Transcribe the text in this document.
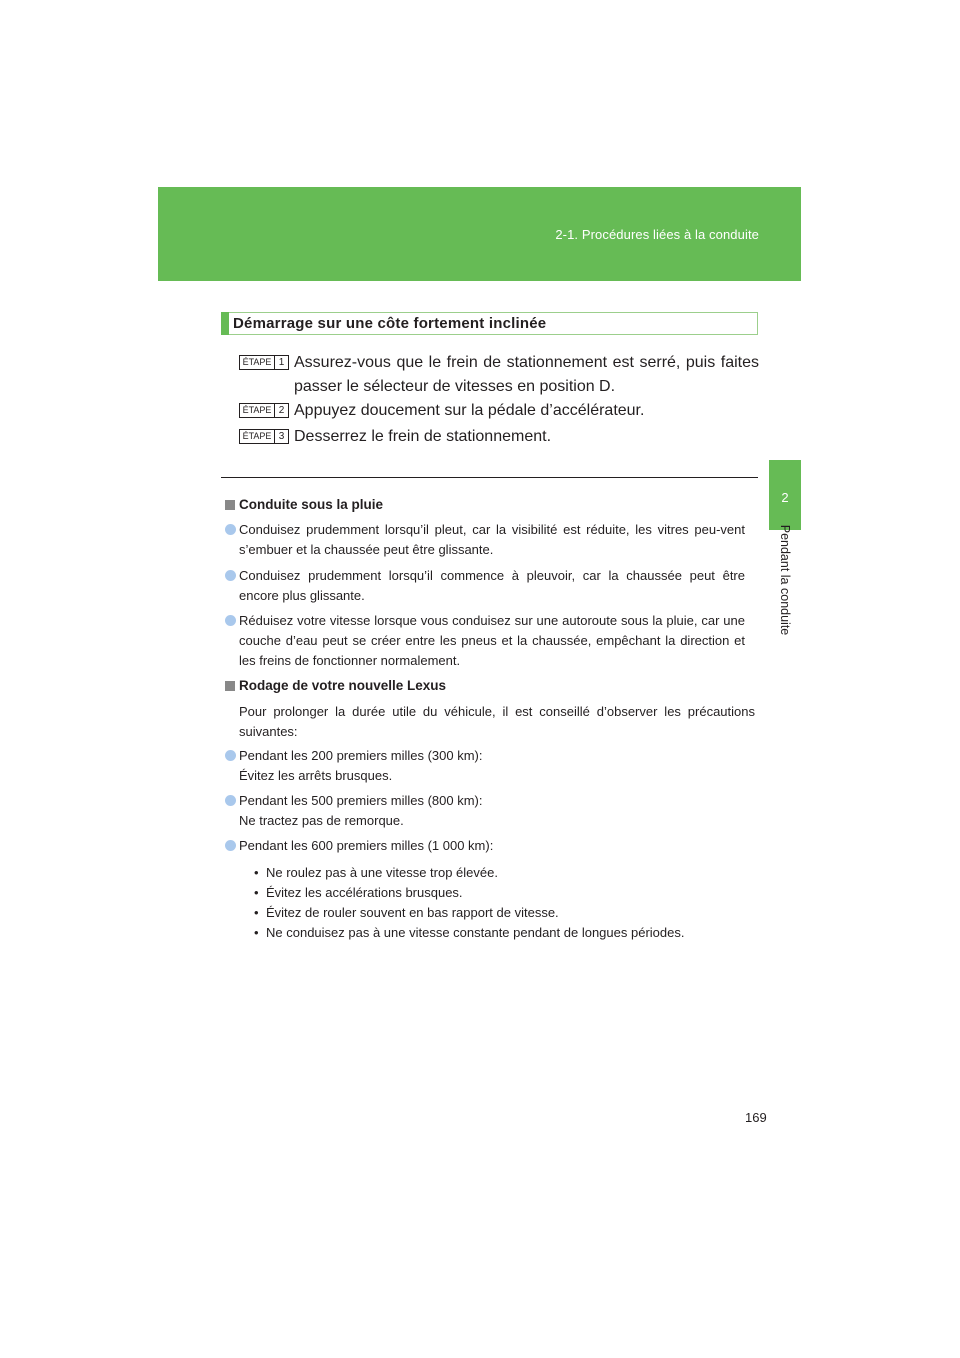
2-1. Procédures liées à la conduite
2
Pendant la conduite
Démarrage sur une côte fortement inclinée
ÉTAPE 1 Assurez-vous que le frein de stationnement est serré, puis faites passer le sélecteur de vitesses en position D.
ÉTAPE 2 Appuyez doucement sur la pédale d’accélérateur.
ÉTAPE 3 Desserrez le frein de stationnement.
Conduite sous la pluie
Conduisez prudemment lorsqu’il pleut, car la visibilité est réduite, les vitres peu-vent s’embuer et la chaussée peut être glissante.
Conduisez prudemment lorsqu’il commence à pleuvoir, car la chaussée peut être encore plus glissante.
Réduisez votre vitesse lorsque vous conduisez sur une autoroute sous la pluie, car une couche d’eau peut se créer entre les pneus et la chaussée, empêchant la direction et les freins de fonctionner normalement.
Rodage de votre nouvelle Lexus
Pour prolonger la durée utile du véhicule, il est conseillé d’observer les précautions suivantes:
Pendant les 200 premiers milles (300 km):
Évitez les arrêts brusques.
Pendant les 500 premiers milles (800 km):
Ne tractez pas de remorque.
Pendant les 600 premiers milles (1 000 km):
• Ne roulez pas à une vitesse trop élevée.
• Évitez les accélérations brusques.
• Évitez de rouler souvent en bas rapport de vitesse.
• Ne conduisez pas à une vitesse constante pendant de longues périodes.
169
